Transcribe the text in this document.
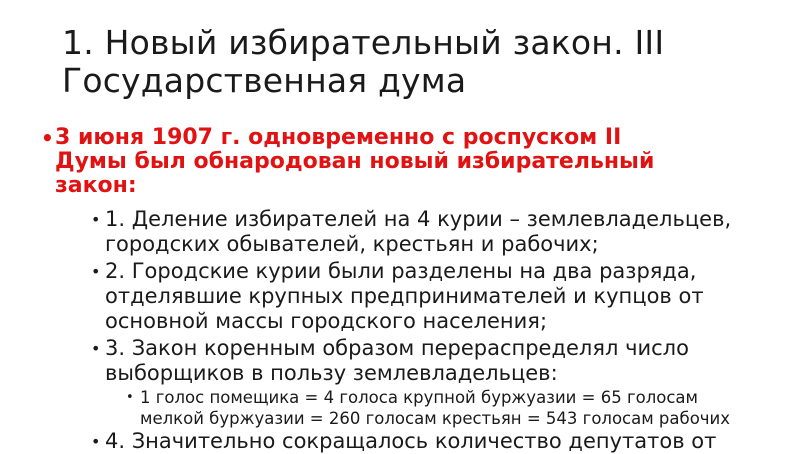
1. Новый избирательный закон. III
Государственная дума
•
3 июня 1907 г. одновременно с роспуском II
Думы был обнародован новый избирательный
закон:
•
1. Деление избирателей на 4 курии – землевладельцев,
городских обывателей, крестьян и рабочих;
•
2. Городские курии были разделены на два разряда,
отделявшие крупных предпринимателей и купцов от
основной массы городского населения;
•
3. Закон коренным образом перераспределял число
выборщиков в пользу землевладельцев:
•
1 голос помещика = 4 голоса крупной буржуазии = 65 голосам
мелкой буржуазии = 260 голосам крестьян = 543 голосам рабочих
•
4. Значительно сокращалось количество депутатов от
